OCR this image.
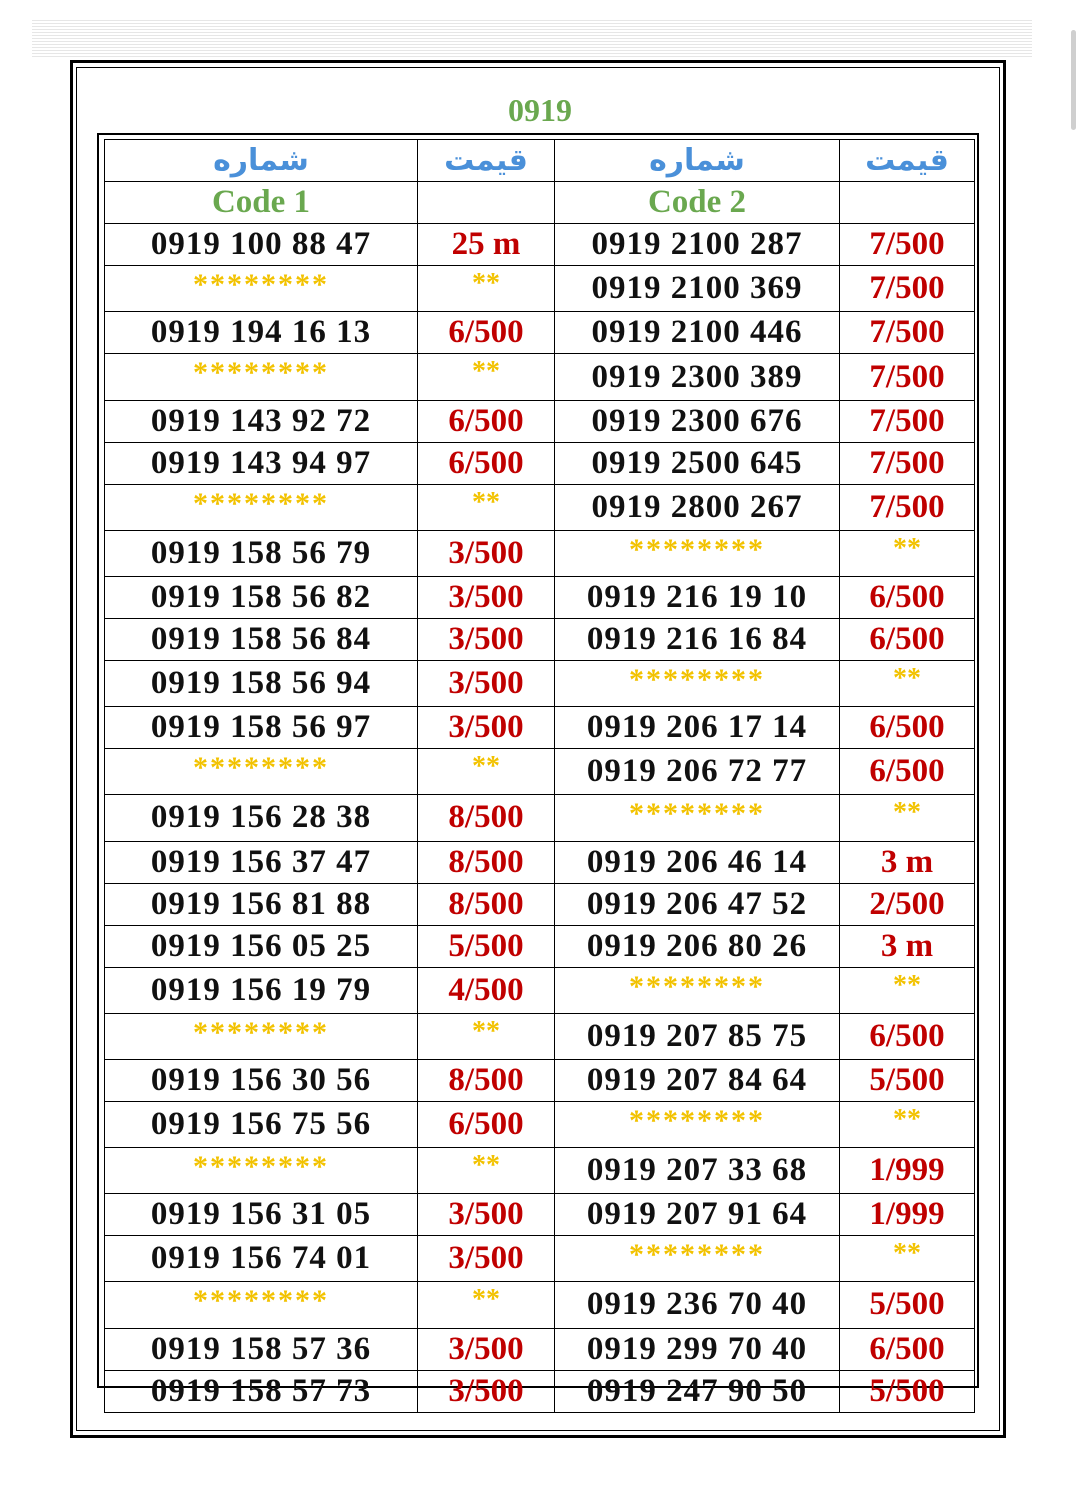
0919
شماره	قیمت	شماره	قیمت
Code 1		Code 2	
0919 100 88 47	25 m	0919 2100 287	7/500
********	**	0919 2100 369	7/500
0919 194 16 13	6/500	0919 2100 446	7/500
********	**	0919 2300 389	7/500
0919 143 92 72	6/500	0919 2300 676	7/500
0919 143 94 97	6/500	0919 2500 645	7/500
********	**	0919 2800 267	7/500
0919 158 56 79	3/500	********	**
0919 158 56 82	3/500	0919 216 19 10	6/500
0919 158 56 84	3/500	0919 216 16 84	6/500
0919 158 56 94	3/500	********	**
0919 158 56 97	3/500	0919 206 17 14	6/500
********	**	0919 206 72 77	6/500
0919 156 28 38	8/500	********	**
0919 156 37 47	8/500	0919 206 46 14	3 m
0919 156 81 88	8/500	0919 206 47 52	2/500
0919 156 05 25	5/500	0919 206 80 26	3 m
0919 156 19 79	4/500	********	**
********	**	0919 207 85 75	6/500
0919 156 30 56	8/500	0919 207 84 64	5/500
0919 156 75 56	6/500	********	**
********	**	0919 207 33 68	1/999
0919 156 31 05	3/500	0919 207 91 64	1/999
0919 156 74 01	3/500	********	**
********	**	0919 236 70 40	5/500
0919 158 57 36	3/500	0919 299 70 40	6/500
0919 158 57 73	3/500	0919 247 90 50	5/500
